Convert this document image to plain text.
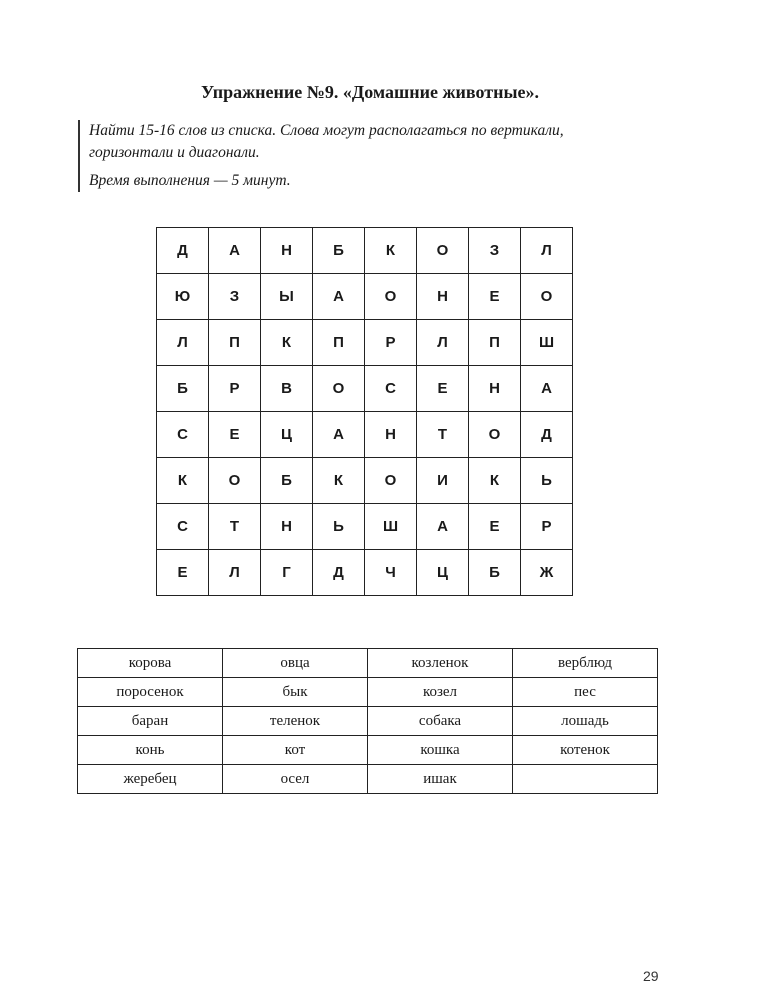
Упражнение №9. «Домашние животные».
Найти 15-16 слов из списка. Слова могут располагаться по вертикали,
горизонтали и диагонали.
Время выполнения — 5 минут.
Д	А	Н	Б	К	О	З	Л
Ю	З	Ы	А	О	Н	Е	О
Л	П	К	П	Р	Л	П	Ш
Б	Р	В	О	С	Е	Н	А
С	Е	Ц	А	Н	Т	О	Д
К	О	Б	К	О	И	К	Ь
С	Т	Н	Ь	Ш	А	Е	Р
Е	Л	Г	Д	Ч	Ц	Б	Ж
корова	овца	козленок	верблюд
поросенок	бык	козел	пес
баран	теленок	собака	лошадь
конь	кот	кошка	котенок
жеребец	осел	ишак	
29
